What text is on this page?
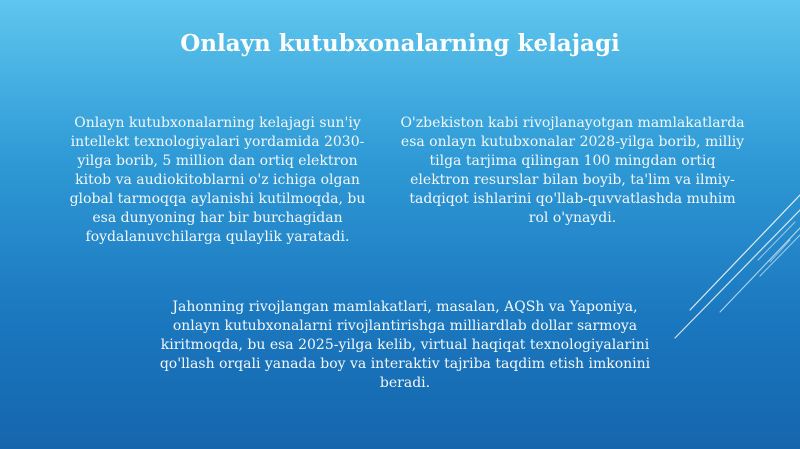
Onlayn kutubxonalarning kelajagi
Onlayn kutubxonalarning kelajagi sun'iy intellekt texnologiyalari yordamida 2030-yilga borib, 5 million dan ortiq elektron kitob va audiokitoblarni o'z ichiga olgan global tarmoqqa aylanishi kutilmoqda, bu esa dunyoning har bir burchagidan foydalanuvchilarga qulaylik yaratadi.
O'zbekiston kabi rivojlanayotgan mamlakatlarda esa onlayn kutubxonalar 2028-yilga borib, milliy tilga tarjima qilingan 100 mingdan ortiq elektron resurslar bilan boyib, ta'lim va ilmiy-tadqiqot ishlarini qo'llab-quvvatlashda muhim rol o'ynaydi.
Jahonning rivojlangan mamlakatlari, masalan, AQSh va Yaponiya, onlayn kutubxonalarni rivojlantirishga milliardlab dollar sarmoya kiritmoqda, bu esa 2025-yilga kelib, virtual haqiqat texnologiyalarini qo'llash orqali yanada boy va interaktiv tajriba taqdim etish imkonini beradi.
